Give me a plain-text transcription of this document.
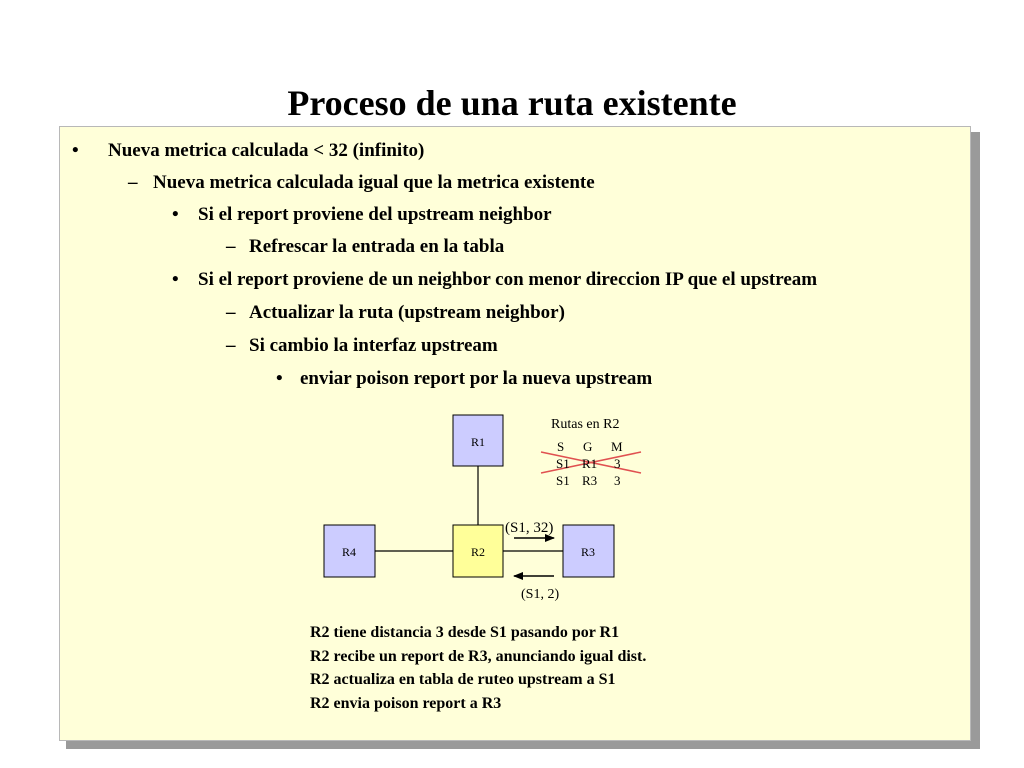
Proceso de una ruta existente
• Nueva metrica calculada < 32 (infinito)
– Nueva metrica calculada igual que la metrica existente
• Si el report proviene del upstream neighbor
– Refrescar la entrada en la tabla
• Si el report proviene de un neighbor con menor direccion IP que el upstream
– Actualizar la ruta (upstream neighbor)
– Si cambio la interfaz upstream
• enviar poison report por la nueva upstream
R1
R2	R3
R4
Rutas en R2
S G M
S1 R1 3
S1 R3 3
(S1, 32)
(S1, 2)
R2 tiene distancia 3 desde S1 pasando por R1
R2 recibe un report de R3, anunciando igual dist.
R2 actualiza en tabla de ruteo upstream a S1
R2 envia poison report a R3
